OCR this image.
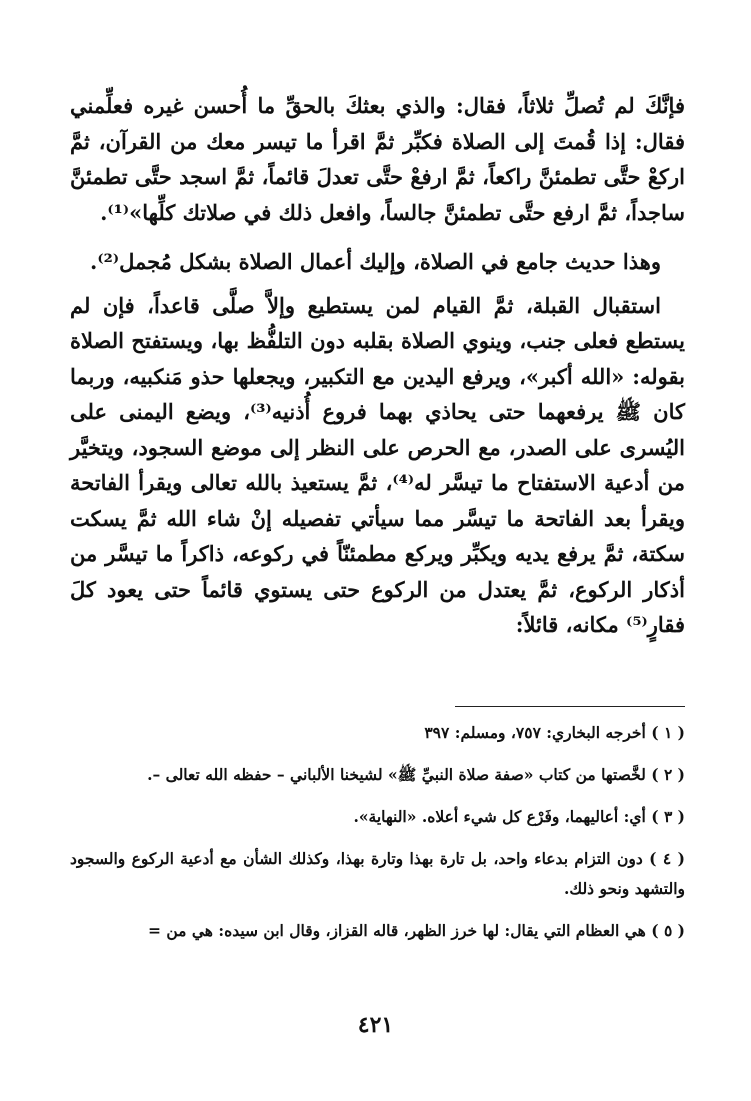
فإنَّكَ لم تُصلِّ ثلاثاً، فقال: والذي بعثكَ بالحقِّ ما أُحسن غيره فعلِّمني فقال: إذا قُمتَ إلى الصلاة فكبِّر ثمَّ اقرأ ما تيسر معك من القرآن، ثمَّ اركعْ حتَّى تطمئنَّ راكعاً، ثمَّ ارفعْ حتَّى تعدلَ قائماً، ثمَّ اسجد حتَّى تطمئنَّ ساجداً، ثمَّ ارفع حتَّى تطمئنَّ جالساً، وافعل ذلك في صلاتك كلِّها»⁽¹⁾.

وهذا حديث جامع في الصلاة، وإليك أعمال الصلاة بشكل مُجمل⁽²⁾.

استقبال القبلة، ثمَّ القيام لمن يستطيع وإلاَّ صلَّى قاعداً، فإن لم يستطع فعلى جنب، وينوي الصلاة بقلبه دون التلفُّظ بها، ويستفتح الصلاة بقوله: «الله أكبر»، ويرفع اليدين مع التكبير، ويجعلها حذو مَنكبيه، وربما كان ﷺ يرفعهما حتى يحاذي بهما فروع أُذنيه⁽³⁾، ويضع اليمنى على اليُسرى على الصدر، مع الحرص على النظر إلى موضع السجود، ويتخيَّر من أدعية الاستفتاح ما تيسَّر له⁽⁴⁾، ثمَّ يستعيذ بالله تعالى ويقرأ الفاتحة ويقرأ بعد الفاتحة ما تيسَّر مما سيأتي تفصيله إنْ شاء الله ثمَّ يسكت سكتة، ثمَّ يرفع يديه ويكبِّر ويركع مطمئنّاً في ركوعه، ذاكراً ما تيسَّر من أذكار الركوع، ثمَّ يعتدل من الركوع حتى يستوي قائماً حتى يعود كلَ فقارٍ⁽⁵⁾ مكانه، قائلاً:

( ١ ) أخرجه البخاري: ٧٥٧، ومسلم: ٣٩٧

( ٢ ) لخَّصتها من كتاب «صفة صلاة النبيِّ ﷺ» لشيخنا الألباني – حفظه الله تعالى –.

( ٣ ) أي: أعاليهما، وفَرْع كل شيء أعلاه. «النهاية».

( ٤ ) دون التزام بدعاء واحد، بل تارة بهذا وتارة بهذا، وكذلك الشأن مع أدعية الركوع والسجود والتشهد ونحو ذلك.

( ٥ ) هي العظام التي يقال: لها خرز الظهر، قاله القزاز، وقال ابن سيده: هي من =

٤٢١
